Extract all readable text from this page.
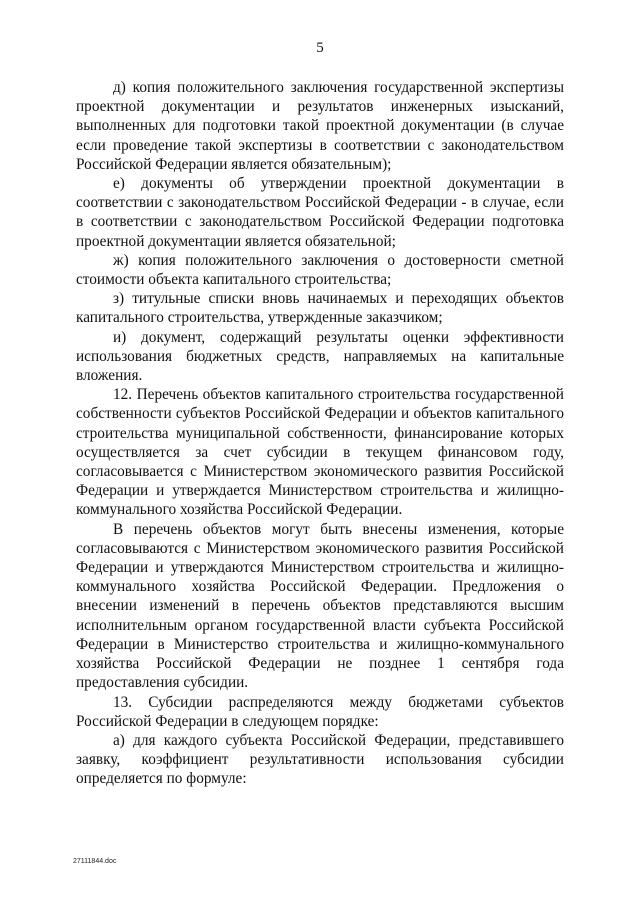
5

д) копия положительного заключения государственной экспертизы проектной документации и результатов инженерных изысканий, выполненных для подготовки такой проектной документации (в случае если проведение такой экспертизы в соответствии с законодательством Российской Федерации является обязательным);

е) документы об утверждении проектной документации в соответствии с законодательством Российской Федерации - в случае, если в соответствии с законодательством Российской Федерации подготовка проектной документации является обязательной;

ж) копия положительного заключения о достоверности сметной стоимости объекта капитального строительства;

з) титульные списки вновь начинаемых и переходящих объектов капитального строительства, утвержденные заказчиком;

и) документ, содержащий результаты оценки эффективности использования бюджетных средств, направляемых на капитальные вложения.

12. Перечень объектов капитального строительства государственной собственности субъектов Российской Федерации и объектов капитального строительства муниципальной собственности, финансирование которых осуществляется за счет субсидии в текущем финансовом году, согласовывается с Министерством экономического развития Российской Федерации и утверждается Министерством строительства и жилищно-коммунального хозяйства Российской Федерации.

В перечень объектов могут быть внесены изменения, которые согласовываются с Министерством экономического развития Российской Федерации и утверждаются Министерством строительства и жилищно-коммунального хозяйства Российской Федерации. Предложения о внесении изменений в перечень объектов представляются высшим исполнительным органом государственной власти субъекта Российской Федерации в Министерство строительства и жилищно-коммунального хозяйства Российской Федерации не позднее 1 сентября года предоставления субсидии.

13. Субсидии распределяются между бюджетами субъектов Российской Федерации в следующем порядке:

а) для каждого субъекта Российской Федерации, представившего заявку, коэффициент результативности использования субсидии определяется по формуле:

27111844.doc
